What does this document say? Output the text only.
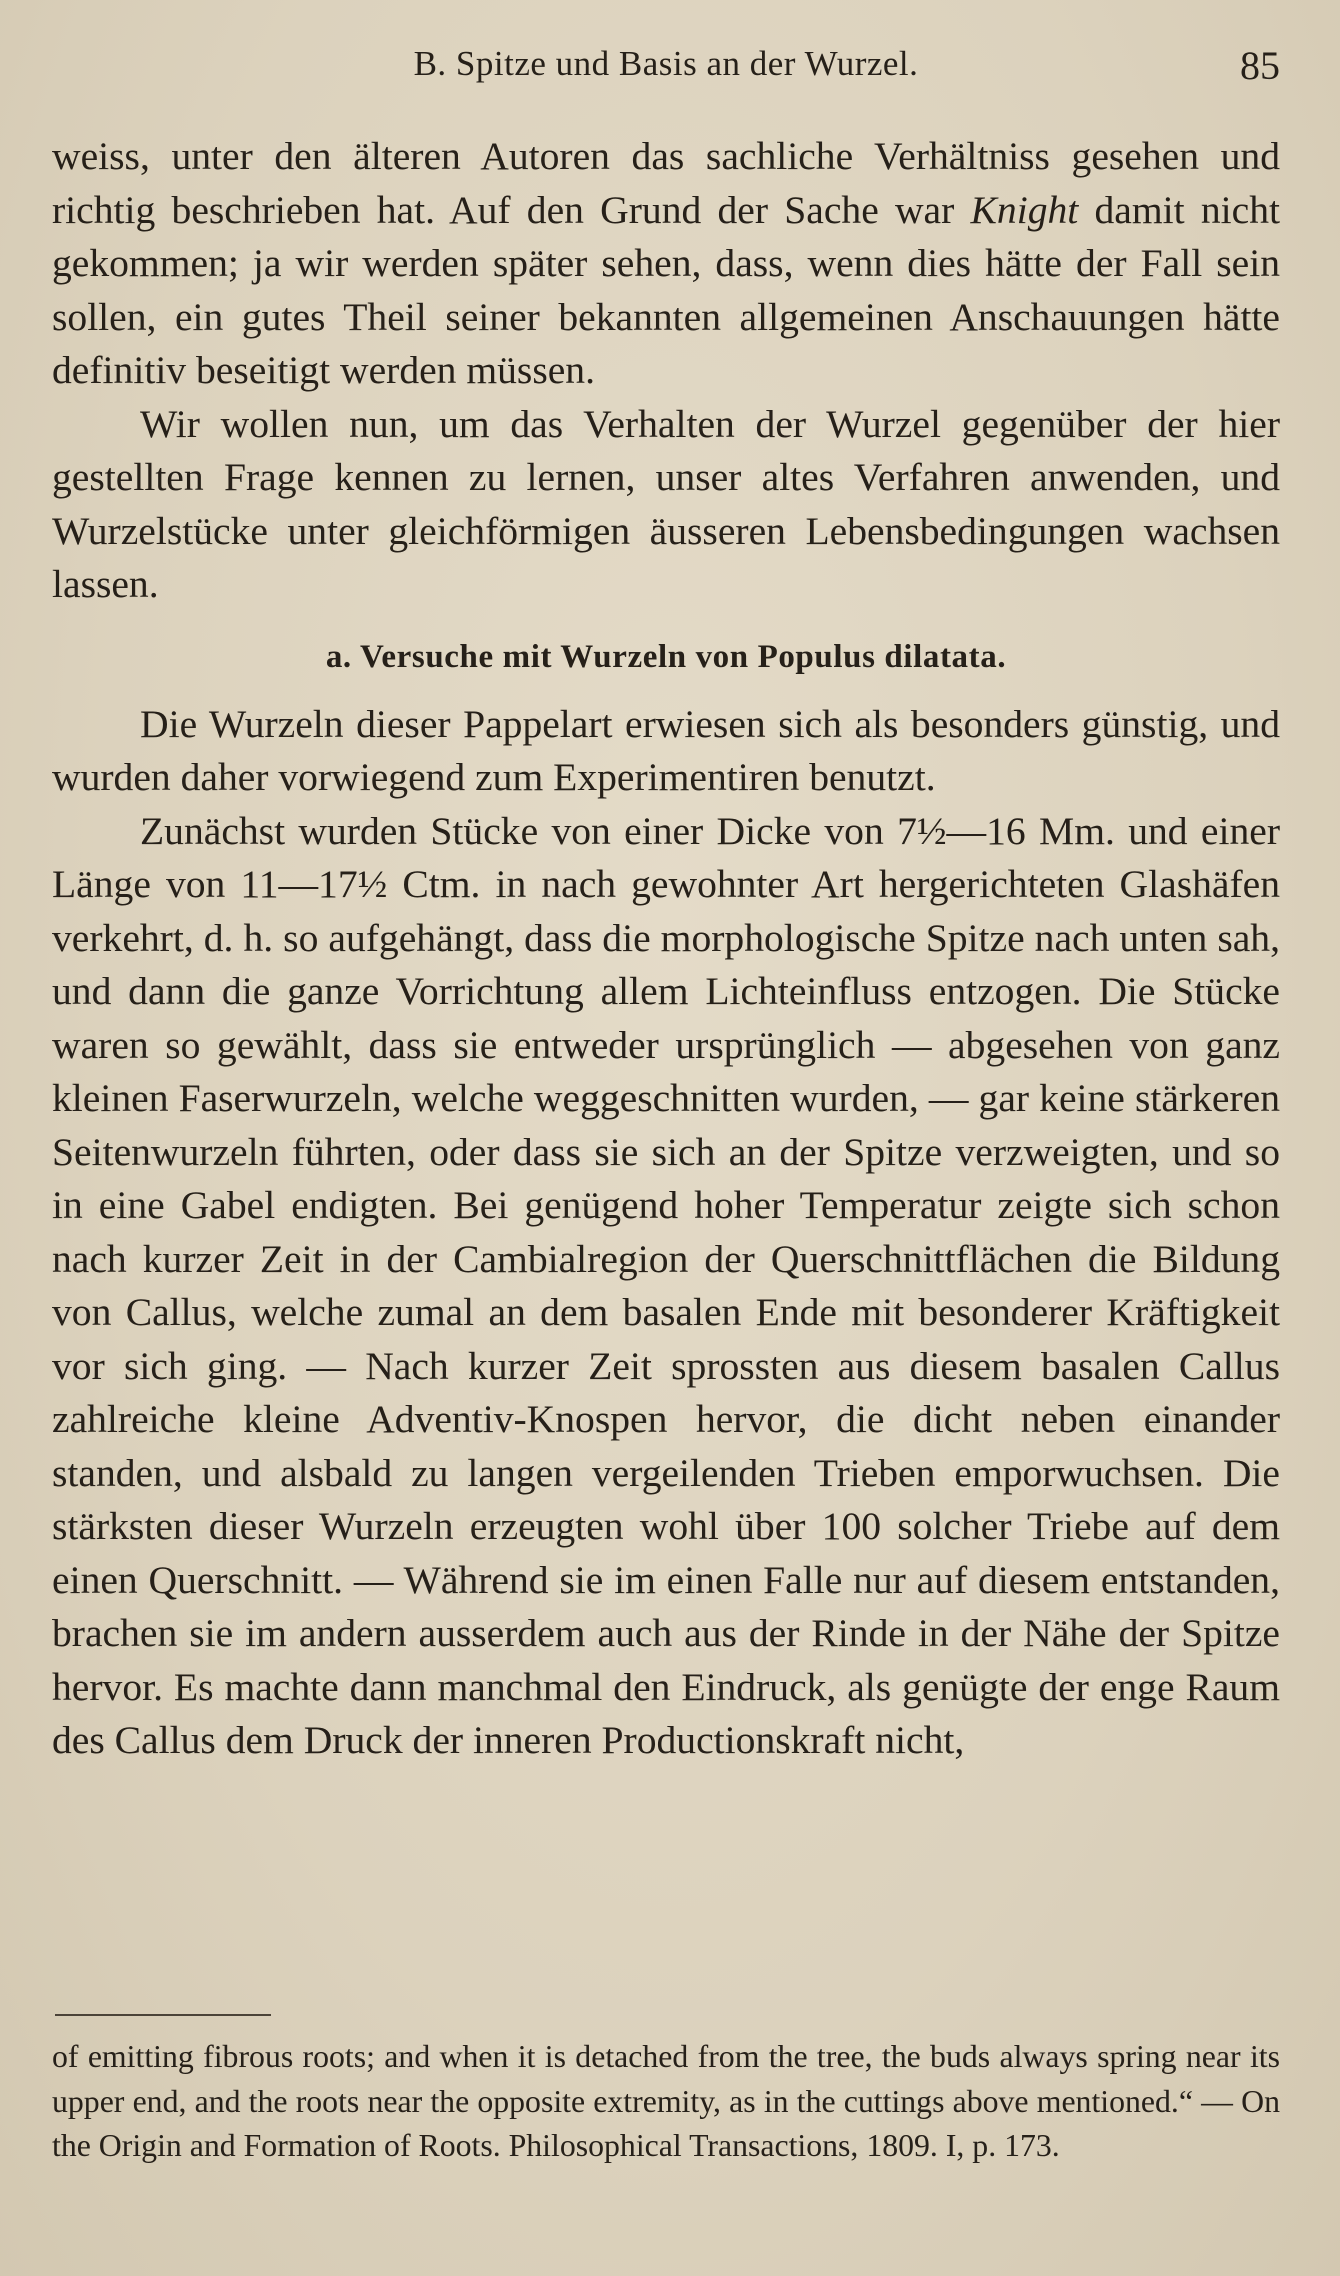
B. Spitze und Basis an der Wurzel.	85

weiss, unter den älteren Autoren das sachliche Verhältniss gesehen und richtig beschrieben hat. Auf den Grund der Sache war Knight damit nicht gekommen; ja wir werden später sehen, dass, wenn dies hätte der Fall sein sollen, ein gutes Theil seiner bekannten allgemeinen Anschauungen hätte definitiv beseitigt werden müssen.

Wir wollen nun, um das Verhalten der Wurzel gegenüber der hier gestellten Frage kennen zu lernen, unser altes Verfahren anwenden, und Wurzelstücke unter gleichförmigen äusseren Lebensbedingungen wachsen lassen.

a. Versuche mit Wurzeln von Populus dilatata.

Die Wurzeln dieser Pappelart erwiesen sich als besonders günstig, und wurden daher vorwiegend zum Experimentiren benutzt.

Zunächst wurden Stücke von einer Dicke von 7½—16 Mm. und einer Länge von 11—17½ Ctm. in nach gewohnter Art hergerichteten Glashäfen verkehrt, d. h. so aufgehängt, dass die morphologische Spitze nach unten sah, und dann die ganze Vorrichtung allem Lichteinfluss entzogen. Die Stücke waren so gewählt, dass sie entweder ursprünglich — abgesehen von ganz kleinen Faserwurzeln, welche weggeschnitten wurden, — gar keine stärkeren Seitenwurzeln führten, oder dass sie sich an der Spitze verzweigten, und so in eine Gabel endigten. Bei genügend hoher Temperatur zeigte sich schon nach kurzer Zeit in der Cambialregion der Querschnittflächen die Bildung von Callus, welche zumal an dem basalen Ende mit besonderer Kräftigkeit vor sich ging. — Nach kurzer Zeit sprossten aus diesem basalen Callus zahlreiche kleine Adventiv-Knospen hervor, die dicht neben einander standen, und alsbald zu langen vergeilenden Trieben emporwuchsen. Die stärksten dieser Wurzeln erzeugten wohl über 100 solcher Triebe auf dem einen Querschnitt. — Während sie im einen Falle nur auf diesem entstanden, brachen sie im andern ausserdem auch aus der Rinde in der Nähe der Spitze hervor. Es machte dann manchmal den Eindruck, als genügte der enge Raum des Callus dem Druck der inneren Productionskraft nicht,

of emitting fibrous roots; and when it is detached from the tree, the buds always spring near its upper end, and the roots near the opposite extremity, as in the cuttings above mentioned.“ — On the Origin and Formation of Roots. Philosophical Transactions, 1809. I, p. 173.
